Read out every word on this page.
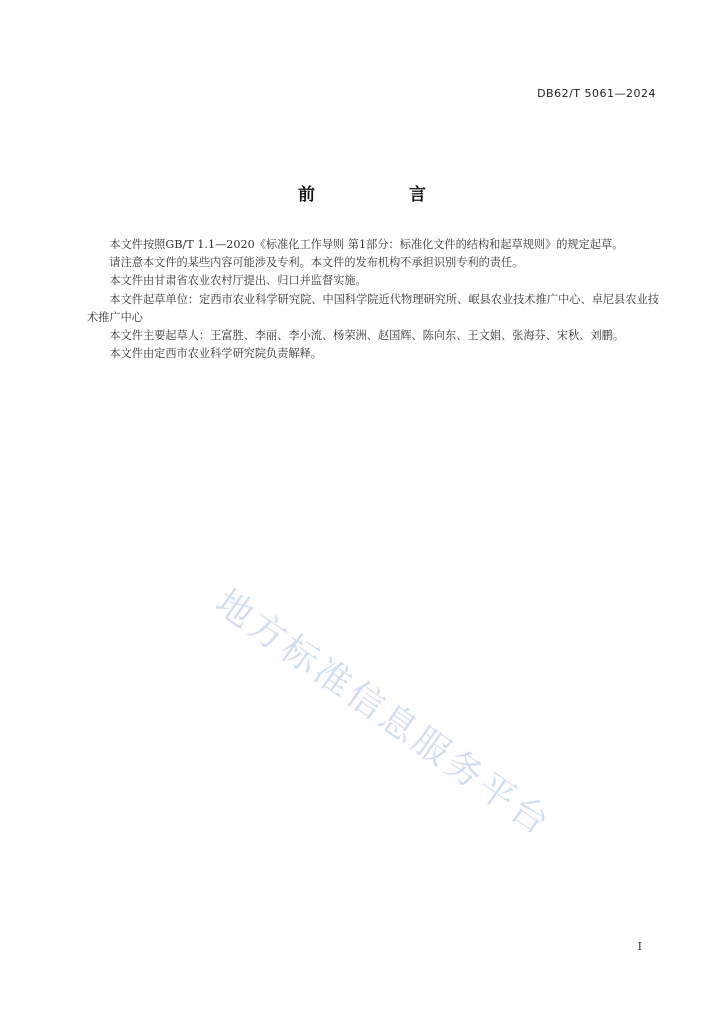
DB62/T 5061—2024
前 言

本文件按照GB/T 1.1—2020《标准化工作导则 第1部分：标准化文件的结构和起草规则》的规定起草。

请注意本文件的某些内容可能涉及专利。本文件的发布机构不承担识别专利的责任。

本文件由甘肃省农业农村厅提出、归口并监督实施。

本文件起草单位：定西市农业科学研究院、中国科学院近代物理研究所、岷县农业技术推广中心、卓尼县农业技术推广中心

本文件主要起草人：王富胜、李丽、李小流、杨荣洲、赵国辉、陈向东、王文娟、张海芬、宋秋、刘鹏。

本文件由定西市农业科学研究院负责解释。

地方标准信息服务平台
I
